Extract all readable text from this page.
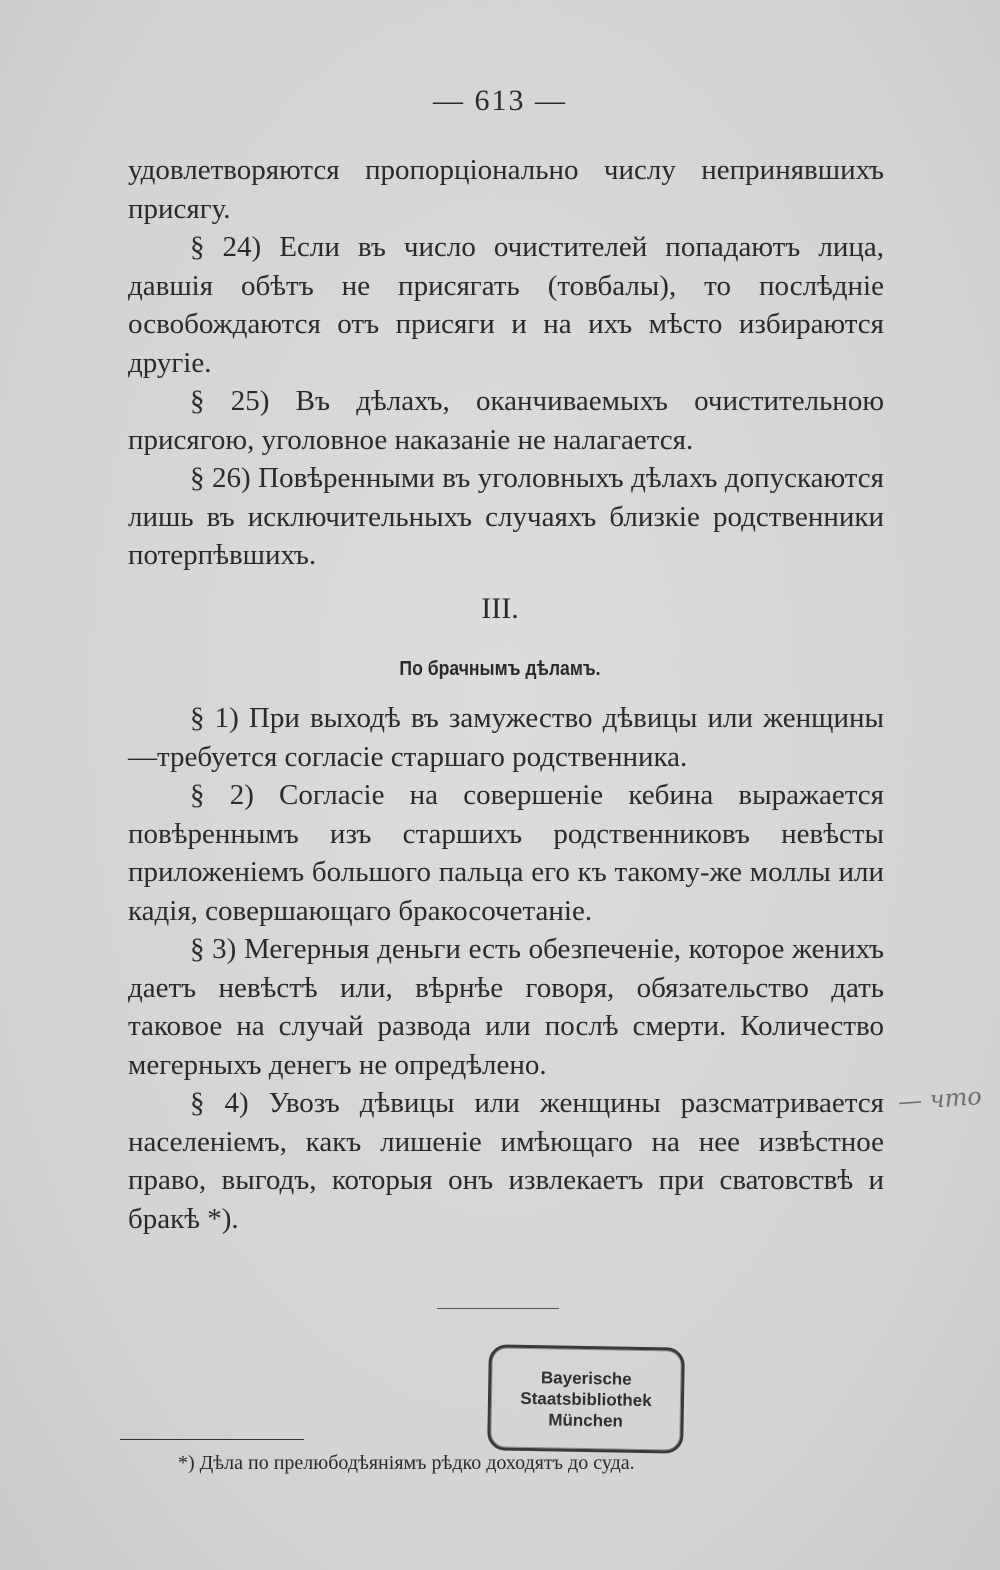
— 613 —

удовлетворяются пропорціонально числу непринявшихъ присягу.

§ 24) Если въ число очистителей попадаютъ лица, давшія обѣтъ не присягать (товбалы), то послѣдніе освобождаются отъ присяги и на ихъ мѣсто избираются другіе.

§ 25) Въ дѣлахъ, оканчиваемыхъ очистительною присягою, уголовное наказаніе не налагается.

§ 26) Повѣренными въ уголовныхъ дѣлахъ допускаются лишь въ исключительныхъ случаяхъ близкіе родственники потерпѣвшихъ.

III.
По брачнымъ дѣламъ.

§ 1) При выходѣ въ замужество дѣвицы или женщины—требуется согласіе старшаго родственника.

§ 2) Согласіе на совершеніе кебина выражается повѣреннымъ изъ старшихъ родственниковъ невѣсты приложеніемъ большого пальца его къ такому-же моллы или кадія, совершающаго бракосочетаніе.

§ 3) Мегерныя деньги есть обезпеченіе, которое женихъ даетъ невѣстѣ или, вѣрнѣе говоря, обязательство дать таковое на случай развода или послѣ смерти. Количество мегерныхъ денегъ не опредѣлено.

§ 4) Увозъ дѣвицы или женщины разсматривается населеніемъ, какъ лишеніе имѣющаго на нее извѣстное право, выгодъ, которыя онъ извлекаетъ при сватовствѣ и бракѣ *).

— что
Bayerische
Staatsbibliothek
München
*) Дѣла по прелюбодѣяніямъ рѣдко доходятъ до суда.
